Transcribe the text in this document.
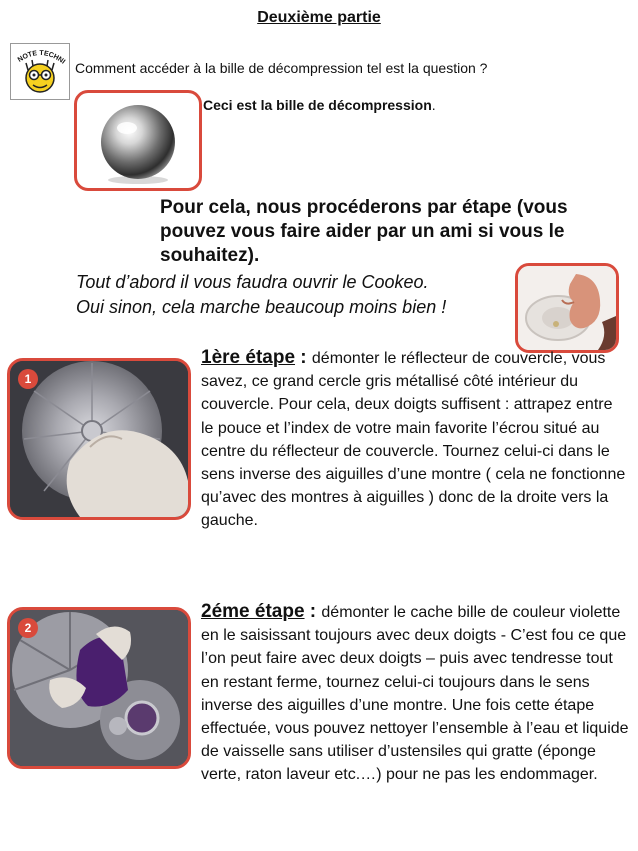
Deuxième partie
NOTE TECHNI Comment accéder à la bille de décompression tel est la question ?
Ceci est la bille de décompression.
Pour cela, nous procéderons par étape (vous pouvez vous faire aider par un ami si vous le souhaitez).
Tout d’abord il vous faudra ouvrir le Cookeo.
Oui sinon, cela marche beaucoup moins bien !
1
1ère étape : démonter le réflecteur de couvercle, vous savez, ce grand cercle gris métallisé côté intérieur du couvercle. Pour cela, deux doigts suffisent : attrapez entre le pouce et l’index de votre main favorite l’écrou situé au centre du réflecteur de couvercle. Tournez celui-ci dans le sens inverse des aiguilles d’une montre ( cela ne fonctionne qu’avec des montres à aiguilles ) donc de la droite vers la gauche.
2
2éme étape : démonter le cache bille de couleur violette en le saisissant toujours avec deux doigts - C’est fou ce que l’on peut faire avec deux doigts – puis avec tendresse tout en restant ferme, tournez celui-ci toujours dans le sens inverse des aiguilles d’une montre. Une fois cette étape effectuée, vous pouvez nettoyer l’ensemble à l’eau et liquide de vaisselle sans utiliser d’ustensiles qui gratte (éponge verte, raton laveur etc.…) pour ne pas les endommager.
